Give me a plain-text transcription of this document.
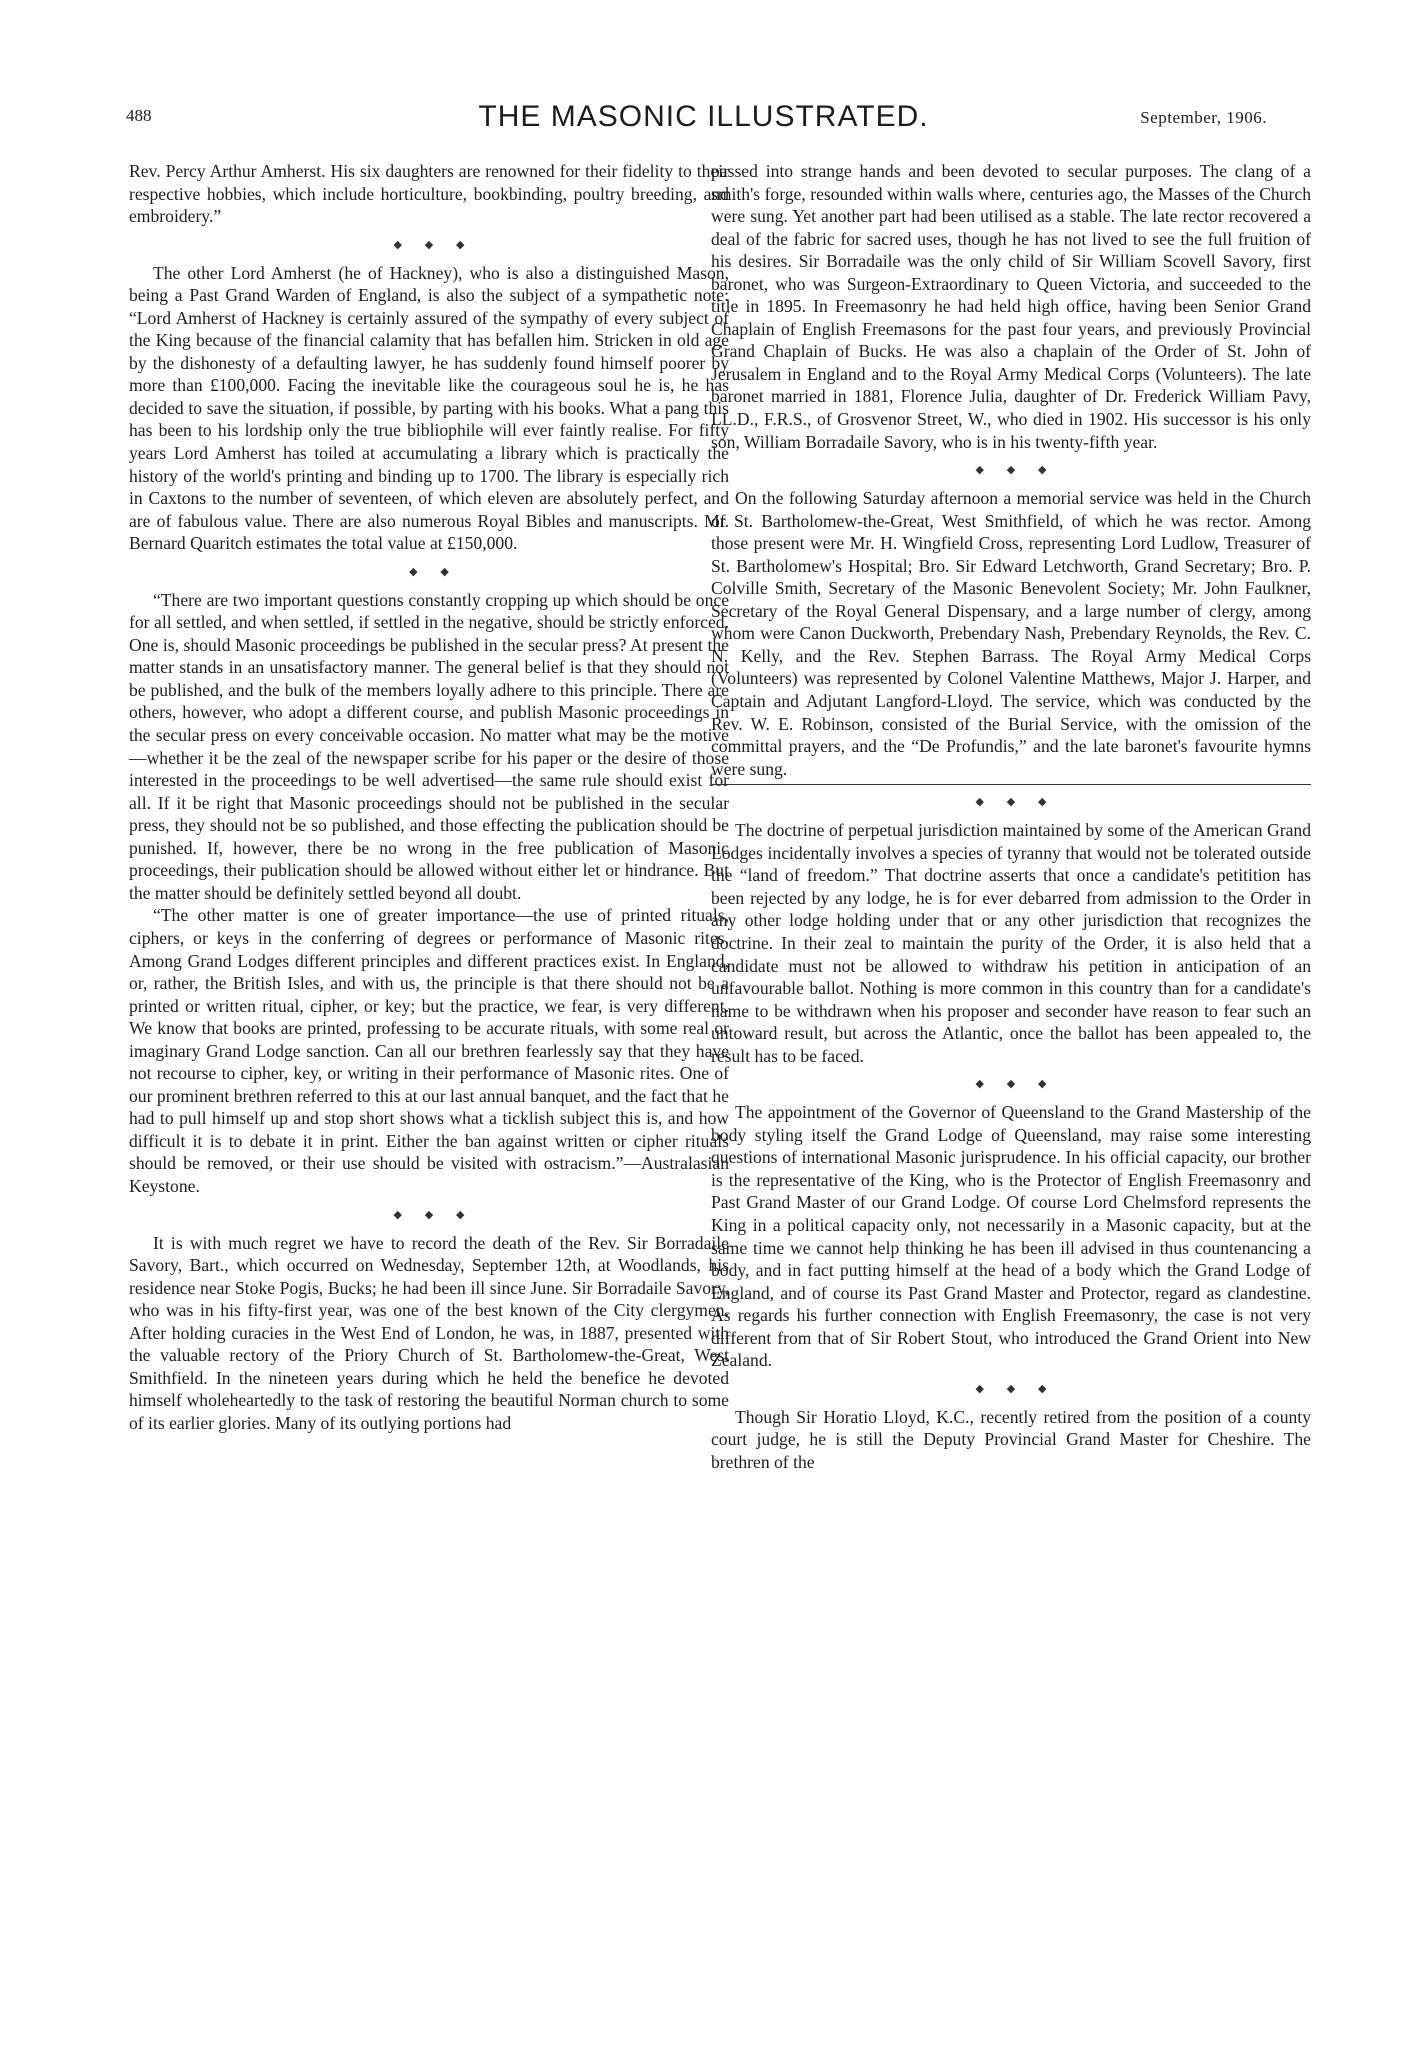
488	THE MASONIC ILLUSTRATED.	September, 1906.

Rev. Percy Arthur Amherst. His six daughters are renowned for their fidelity to their respective hobbies, which include horticulture, bookbinding, poultry breeding, and embroidery.”

◆ ◆ ◆

The other Lord Amherst (he of Hackney), who is also a distinguished Mason, being a Past Grand Warden of England, is also the subject of a sympathetic note: “Lord Amherst of Hackney is certainly assured of the sympathy of every subject of the King because of the financial calamity that has befallen him. Stricken in old age by the dishonesty of a defaulting lawyer, he has suddenly found himself poorer by more than £100,000. Facing the inevitable like the courageous soul he is, he has decided to save the situation, if possible, by parting with his books. What a pang this has been to his lordship only the true bibliophile will ever faintly realise. For fifty years Lord Amherst has toiled at accumulating a library which is practically the history of the world's printing and binding up to 1700. The library is especially rich in Caxtons to the number of seventeen, of which eleven are absolutely perfect, and are of fabulous value. There are also numerous Royal Bibles and manuscripts. Mr. Bernard Quaritch estimates the total value at £150,000.

◆ ◆

“There are two important questions constantly cropping up which should be once for all settled, and when settled, if settled in the negative, should be strictly enforced. One is, should Masonic proceedings be published in the secular press? At present the matter stands in an unsatisfactory manner. The general belief is that they should not be published, and the bulk of the members loyally adhere to this principle. There are others, however, who adopt a different course, and publish Masonic proceedings in the secular press on every conceivable occasion. No matter what may be the motive—whether it be the zeal of the newspaper scribe for his paper or the desire of those interested in the proceedings to be well advertised—the same rule should exist for all. If it be right that Masonic proceedings should not be published in the secular press, they should not be so published, and those effecting the publication should be punished. If, however, there be no wrong in the free publication of Masonic proceedings, their publication should be allowed without either let or hindrance. But the matter should be definitely settled beyond all doubt.

“The other matter is one of greater importance—the use of printed rituals, ciphers, or keys in the conferring of degrees or performance of Masonic rites. Among Grand Lodges different principles and different practices exist. In England, or, rather, the British Isles, and with us, the principle is that there should not be a printed or written ritual, cipher, or key; but the practice, we fear, is very different. We know that books are printed, professing to be accurate rituals, with some real or imaginary Grand Lodge sanction. Can all our brethren fearlessly say that they have not recourse to cipher, key, or writing in their performance of Masonic rites. One of our prominent brethren referred to this at our last annual banquet, and the fact that he had to pull himself up and stop short shows what a ticklish subject this is, and how difficult it is to debate it in print. Either the ban against written or cipher rituals should be removed, or their use should be visited with ostracism.”—Australasian Keystone.

◆ ◆ ◆

It is with much regret we have to record the death of the Rev. Sir Borradaile Savory, Bart., which occurred on Wednesday, September 12th, at Woodlands, his residence near Stoke Pogis, Bucks; he had been ill since June. Sir Borradaile Savory, who was in his fifty-first year, was one of the best known of the City clergymen. After holding curacies in the West End of London, he was, in 1887, presented with the valuable rectory of the Priory Church of St. Bartholomew-the-Great, West Smithfield. In the nineteen years during which he held the benefice he devoted himself wholeheartedly to the task of restoring the beautiful Norman church to some of its earlier glories. Many of its outlying portions had

passed into strange hands and been devoted to secular purposes. The clang of a smith's forge, resounded within walls where, centuries ago, the Masses of the Church were sung. Yet another part had been utilised as a stable. The late rector recovered a deal of the fabric for sacred uses, though he has not lived to see the full fruition of his desires. Sir Borradaile was the only child of Sir William Scovell Savory, first baronet, who was Surgeon-Extraordinary to Queen Victoria, and succeeded to the title in 1895. In Freemasonry he had held high office, having been Senior Grand Chaplain of English Freemasons for the past four years, and previously Provincial Grand Chaplain of Bucks. He was also a chaplain of the Order of St. John of Jerusalem in England and to the Royal Army Medical Corps (Volunteers). The late baronet married in 1881, Florence Julia, daughter of Dr. Frederick William Pavy, LL.D., F.R.S., of Grosvenor Street, W., who died in 1902. His successor is his only son, William Borradaile Savory, who is in his twenty-fifth year.

◆ ◆ ◆

On the following Saturday afternoon a memorial service was held in the Church of St. Bartholomew-the-Great, West Smithfield, of which he was rector. Among those present were Mr. H. Wingfield Cross, representing Lord Ludlow, Treasurer of St. Bartholomew's Hospital; Bro. Sir Edward Letchworth, Grand Secretary; Bro. P. Colville Smith, Secretary of the Masonic Benevolent Society; Mr. John Faulkner, Secretary of the Royal General Dispensary, and a large number of clergy, among whom were Canon Duckworth, Prebendary Nash, Prebendary Reynolds, the Rev. C. N. Kelly, and the Rev. Stephen Barrass. The Royal Army Medical Corps (Volunteers) was represented by Colonel Valentine Matthews, Major J. Harper, and Captain and Adjutant Langford-Lloyd. The service, which was conducted by the Rev. W. E. Robinson, consisted of the Burial Service, with the omission of the committal prayers, and the “De Profundis,” and the late baronet's favourite hymns were sung.

◆ ◆ ◆

The doctrine of perpetual jurisdiction maintained by some of the American Grand Lodges incidentally involves a species of tyranny that would not be tolerated outside the “land of freedom.” That doctrine asserts that once a candidate's petitition has been rejected by any lodge, he is for ever debarred from admission to the Order in any other lodge holding under that or any other jurisdiction that recognizes the doctrine. In their zeal to maintain the purity of the Order, it is also held that a candidate must not be allowed to withdraw his petition in anticipation of an unfavourable ballot. Nothing is more common in this country than for a candidate's name to be withdrawn when his proposer and seconder have reason to fear such an untoward result, but across the Atlantic, once the ballot has been appealed to, the result has to be faced.

◆ ◆ ◆

The appointment of the Governor of Queensland to the Grand Mastership of the body styling itself the Grand Lodge of Queensland, may raise some interesting questions of international Masonic jurisprudence. In his official capacity, our brother is the representative of the King, who is the Protector of English Freemasonry and Past Grand Master of our Grand Lodge. Of course Lord Chelmsford represents the King in a political capacity only, not necessarily in a Masonic capacity, but at the same time we cannot help thinking he has been ill advised in thus countenancing a body, and in fact putting himself at the head of a body which the Grand Lodge of England, and of course its Past Grand Master and Protector, regard as clandestine. As regards his further connection with English Freemasonry, the case is not very different from that of Sir Robert Stout, who introduced the Grand Orient into New Zealand.

◆ ◆ ◆

Though Sir Horatio Lloyd, K.C., recently retired from the position of a county court judge, he is still the Deputy Provincial Grand Master for Cheshire. The brethren of the
